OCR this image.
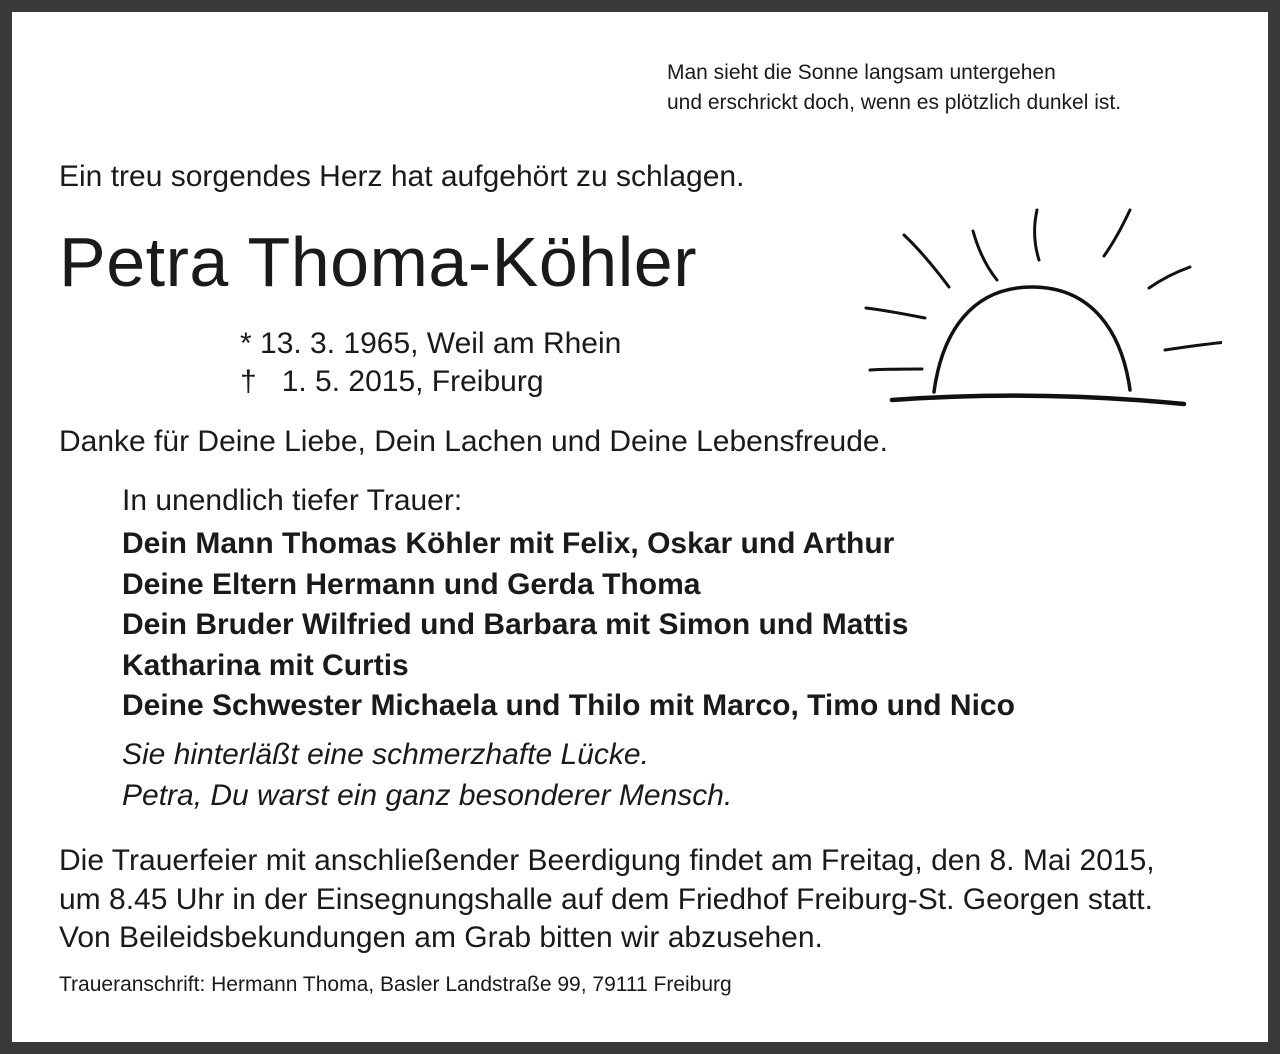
Man sieht die Sonne langsam untergehen
und erschrickt doch, wenn es plötzlich dunkel ist.
Ein treu sorgendes Herz hat aufgehört zu schlagen.
Petra Thoma-Köhler
* 13. 3. 1965, Weil am Rhein
†   1. 5. 2015, Freiburg
Danke für Deine Liebe, Dein Lachen und Deine Lebensfreude.
In unendlich tiefer Trauer:
Dein Mann Thomas Köhler mit Felix, Oskar und Arthur
Deine Eltern Hermann und Gerda Thoma
Dein Bruder Wilfried und Barbara mit Simon und Mattis
Katharina mit Curtis
Deine Schwester Michaela und Thilo mit Marco, Timo und Nico
Sie hinterläßt eine schmerzhafte Lücke.
Petra, Du warst ein ganz besonderer Mensch.
Die Trauerfeier mit anschließender Beerdigung findet am Freitag, den 8. Mai 2015,
um 8.45 Uhr in der Einsegnungshalle auf dem Friedhof Freiburg-St. Georgen statt.
Von Beileidsbekundungen am Grab bitten wir abzusehen.
Traueranschrift: Hermann Thoma, Basler Landstraße 99, 79111 Freiburg
